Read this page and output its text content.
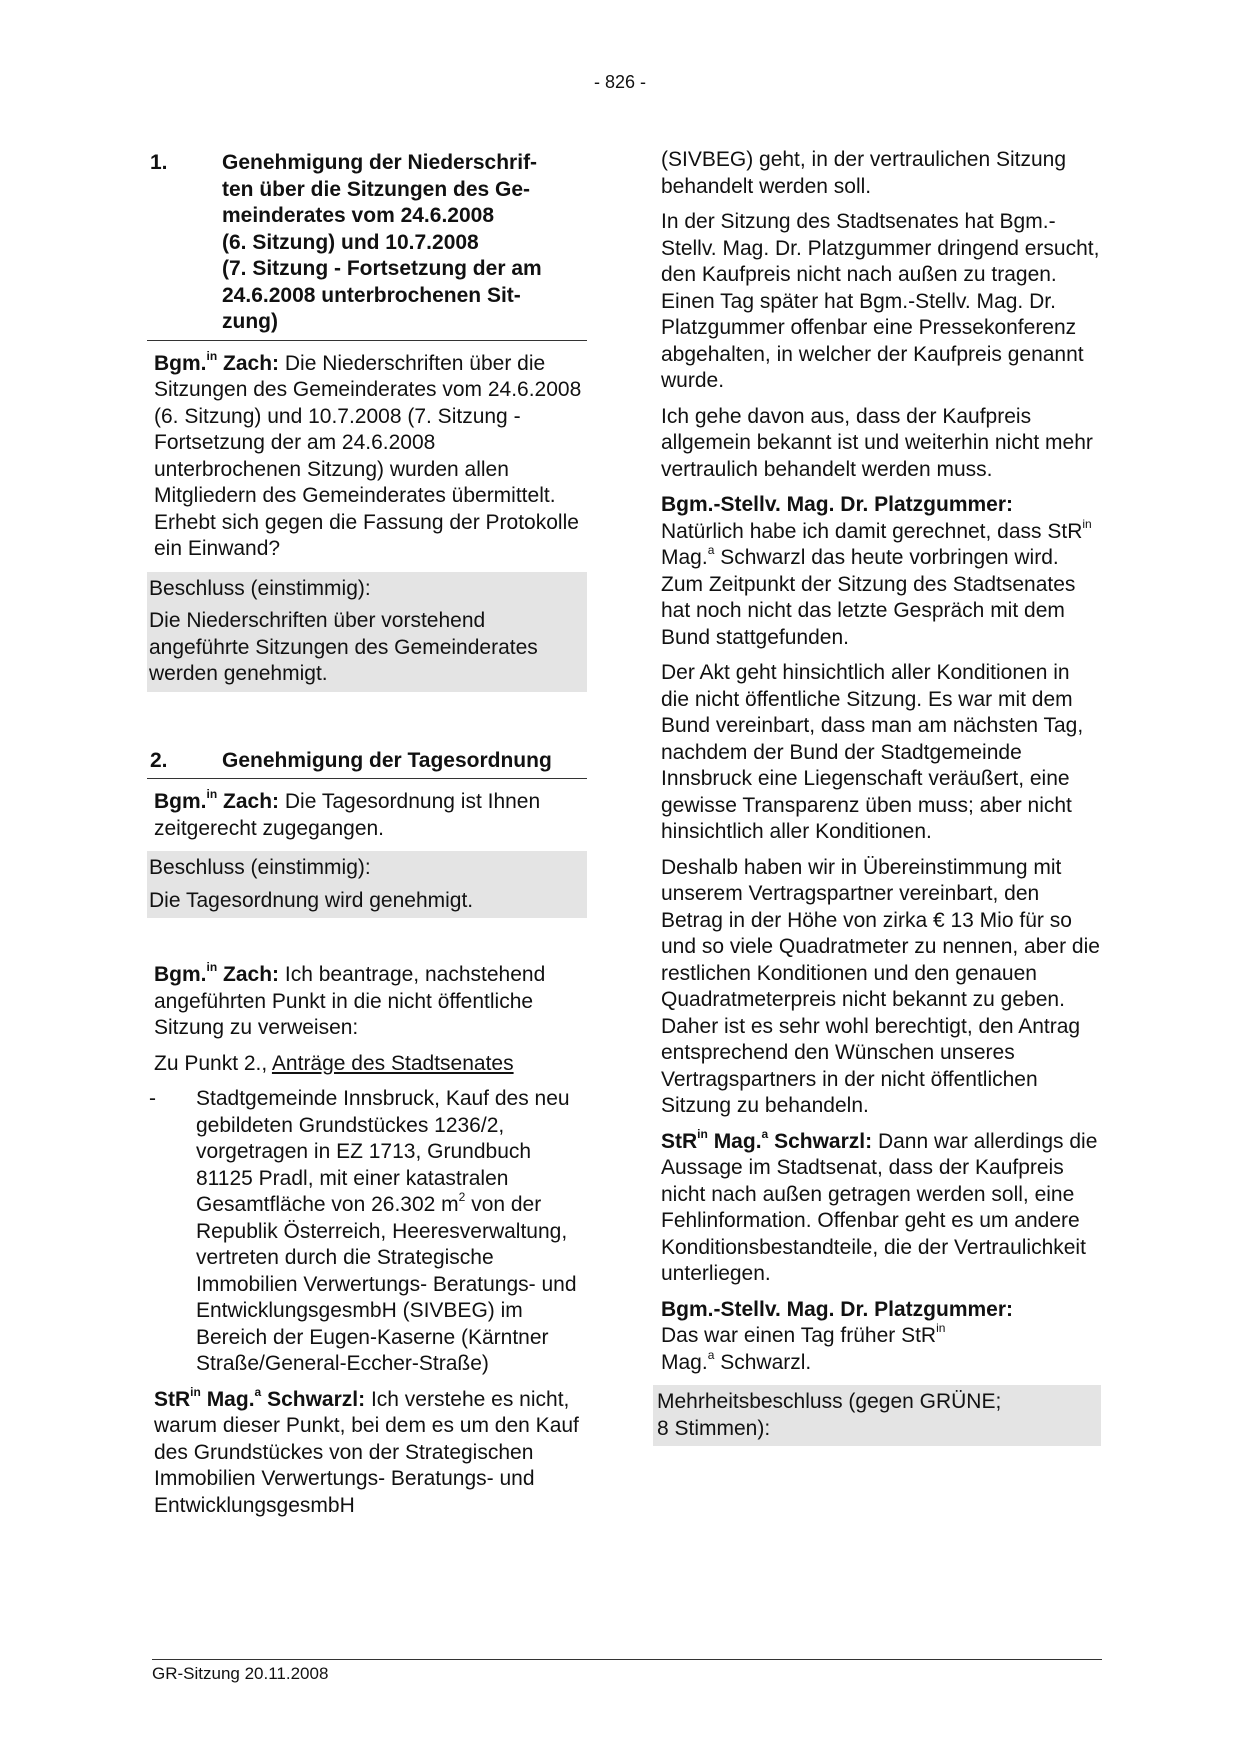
- 826 -
1.	Genehmigung der Niederschrif-
ten über die Sitzungen des Ge-
meinderates vom 24.6.2008
(6. Sitzung) und 10.7.2008
(7. Sitzung - Fortsetzung der am
24.6.2008 unterbrochenen Sit-
zung)

Bgm.$^{in}$ Zach: Die Niederschriften über die Sitzungen des Gemeinderates vom 24.6.2008 (6. Sitzung) und 10.7.2008 (7. Sitzung - Fortsetzung der am 24.6.2008 unterbrochenen Sitzung) wurden allen Mitgliedern des Gemeinderates übermittelt. Erhebt sich gegen die Fassung der Protokolle ein Einwand?

Beschluss (einstimmig):

Die Niederschriften über vorstehend angeführte Sitzungen des Gemeinderates werden genehmigt.

2.	Genehmigung der Tagesordnung

Bgm.$^{in}$ Zach: Die Tagesordnung ist Ihnen zeitgerecht zugegangen.

Beschluss (einstimmig):

Die Tagesordnung wird genehmigt.

Bgm.$^{in}$ Zach: Ich beantrage, nachstehend angeführten Punkt in die nicht öffentliche Sitzung zu verweisen:

Zu Punkt 2., Anträge des Stadtsenates

- Stadtgemeinde Innsbruck, Kauf des neu gebildeten Grundstückes 1236/2, vorgetragen in EZ 1713, Grundbuch 81125 Pradl, mit einer katastralen Gesamtfläche von 26.302 $m^2$ von der Republik Österreich, Heeresverwaltung, vertreten durch die Strategische Immobilien Verwertungs- Beratungs- und EntwicklungsgesmbH (SIVBEG) im Bereich der Eugen-Kaserne (Kärntner Straße/General-Eccher-Straße)

StR$^{in}$ Mag.$^a$ Schwarzl: Ich verstehe es nicht, warum dieser Punkt, bei dem es um den Kauf des Grundstückes von der Strategischen Immobilien Verwertungs- Beratungs- und EntwicklungsgesmbH

(SIVBEG) geht, in der vertraulichen Sitzung behandelt werden soll.

In der Sitzung des Stadtsenates hat Bgm.-Stellv. Mag. Dr. Platzgummer dringend ersucht, den Kaufpreis nicht nach außen zu tragen. Einen Tag später hat Bgm.-Stellv. Mag. Dr. Platzgummer offenbar eine Pressekonferenz abgehalten, in welcher der Kaufpreis genannt wurde.

Ich gehe davon aus, dass der Kaufpreis allgemein bekannt ist und weiterhin nicht mehr vertraulich behandelt werden muss.

Bgm.-Stellv. Mag. Dr. Platzgummer:
Natürlich habe ich damit gerechnet, dass StR$^{in}$ Mag.$^a$ Schwarzl das heute vorbringen wird. Zum Zeitpunkt der Sitzung des Stadtsenates hat noch nicht das letzte Gespräch mit dem Bund stattgefunden.

Der Akt geht hinsichtlich aller Konditionen in die nicht öffentliche Sitzung. Es war mit dem Bund vereinbart, dass man am nächsten Tag, nachdem der Bund der Stadtgemeinde Innsbruck eine Liegenschaft veräußert, eine gewisse Transparenz üben muss; aber nicht hinsichtlich aller Konditionen.

Deshalb haben wir in Übereinstimmung mit unserem Vertragspartner vereinbart, den Betrag in der Höhe von zirka € 13 Mio für so und so viele Quadratmeter zu nennen, aber die restlichen Konditionen und den genauen Quadratmeterpreis nicht bekannt zu geben. Daher ist es sehr wohl berechtigt, den Antrag entsprechend den Wünschen unseres Vertragspartners in der nicht öffentlichen Sitzung zu behandeln.

StR$^{in}$ Mag.$^a$ Schwarzl: Dann war allerdings die Aussage im Stadtsenat, dass der Kaufpreis nicht nach außen getragen werden soll, eine Fehlinformation. Offenbar geht es um andere Konditionsbestandteile, die der Vertraulichkeit unterliegen.

Bgm.-Stellv. Mag. Dr. Platzgummer:
Das war einen Tag früher StR$^{in}$
Mag.$^a$ Schwarzl.

Mehrheitsbeschluss (gegen GRÜNE;
8 Stimmen):
GR-Sitzung 20.11.2008
